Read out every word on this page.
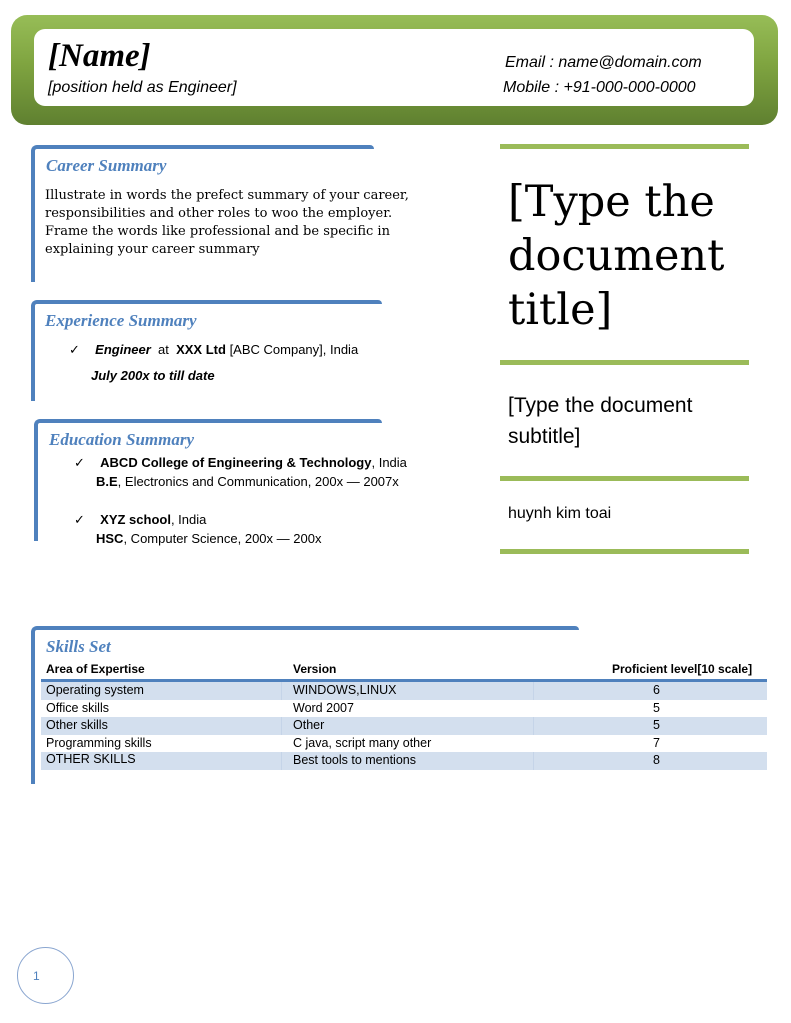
[Name]
[position held as Engineer]
Email : name@domain.com
Mobile : +91-000-000-0000
Career Summary
Illustrate in words the prefect summary of your career,
responsibilities and other roles to woo the employer.
Frame the words like professional and be specific in
explaining your career summary
Experience Summary
✓ Engineer at XXX Ltd [ABC Company], India
July 200x to till date
Education Summary
✓ ABCD College of Engineering & Technology, India
B.E, Electronics and Communication, 200x — 2007x
✓ XYZ school, India
HSC, Computer Science, 200x — 200x
[Type the
document
title]
[Type the document
subtitle]
huynh kim toai
Skills Set
Area of Expertise	Version	Proficient level[10 scale]
Operating system	WINDOWS,LINUX	6
Office skills	Word 2007	5
Other skills	Other	5
Programming skills	C java, script many other	7
OTHER SKILLS	Best tools to mentions	8
1
